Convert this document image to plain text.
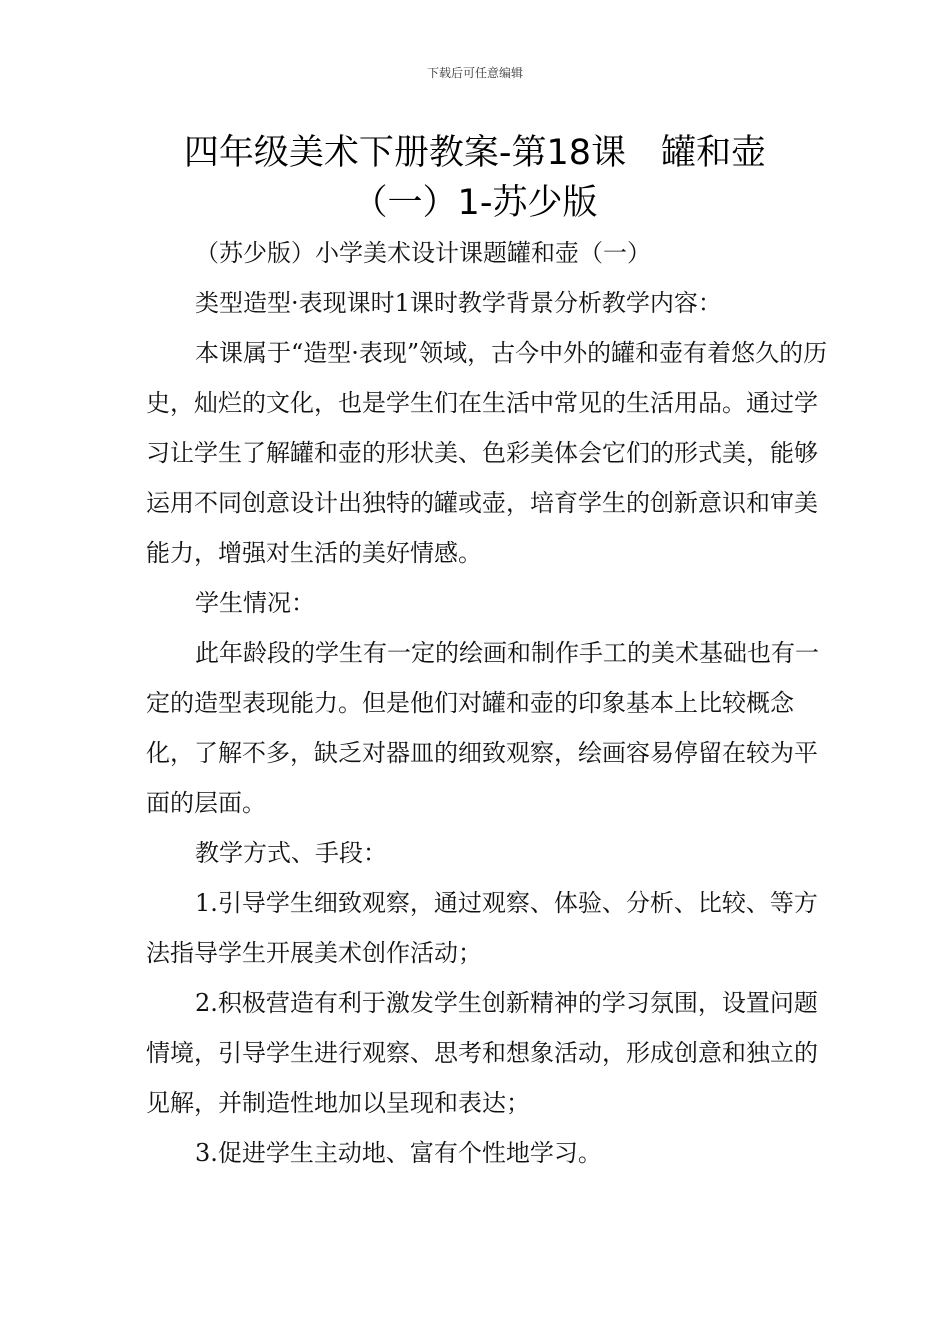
下载后可任意编辑
四年级美术下册教案-第18课　罐和壶
（一）1-苏少版

（苏少版）小学美术设计课题罐和壶（一）

类型造型·表现课时1课时教学背景分析教学内容：

本课属于“造型·表现”领域，古今中外的罐和壶有着悠久的历史，灿烂的文化，也是学生们在生活中常见的生活用品。通过学习让学生了解罐和壶的形状美、色彩美体会它们的形式美，能够运用不同创意设计出独特的罐或壶，培育学生的创新意识和审美能力，增强对生活的美好情感。

学生情况：

此年龄段的学生有一定的绘画和制作手工的美术基础也有一定的造型表现能力。但是他们对罐和壶的印象基本上比较概念化，了解不多，缺乏对器皿的细致观察，绘画容易停留在较为平面的层面。

教学方式、手段：

1.引导学生细致观察，通过观察、体验、分析、比较、等方法指导学生开展美术创作活动；

2.积极营造有利于激发学生创新精神的学习氛围，设置问题情境，引导学生进行观察、思考和想象活动，形成创意和独立的见解，并制造性地加以呈现和表达；

3.促进学生主动地、富有个性地学习。
